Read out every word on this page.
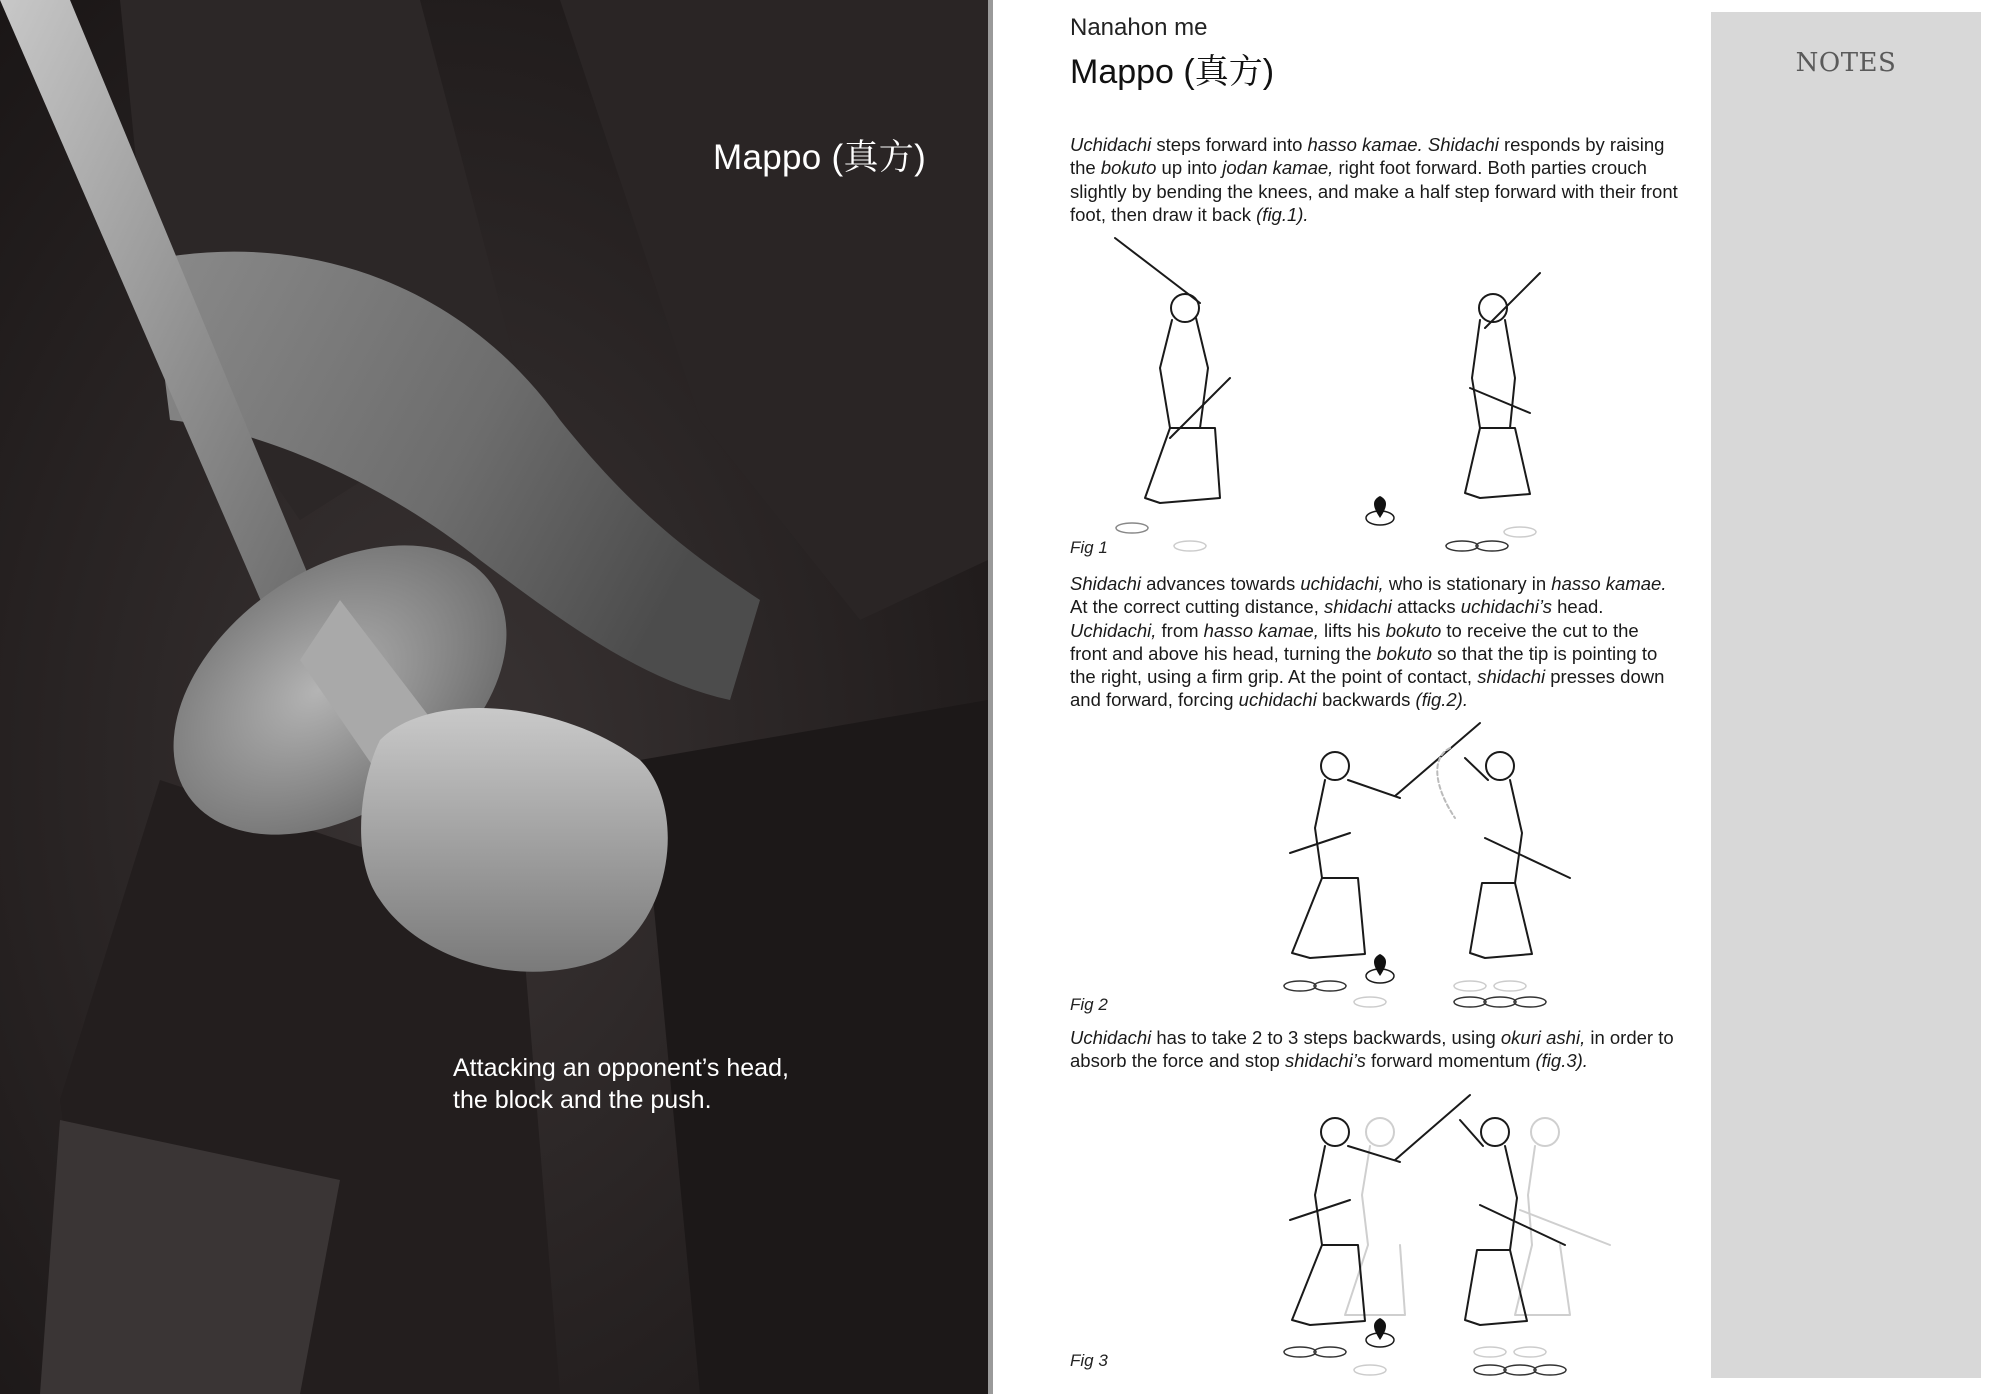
Mappo (真方)
Attacking an opponent’s head,
the block and the push.
NOTES
Nanahon me
Mappo (真方)

Uchidachi steps forward into hasso kamae. Shidachi responds by raising the bokuto up into jodan kamae, right foot forward. Both parties crouch slightly by bending the knees, and make a half step forward with their front foot, then draw it back (fig.1).

Fig 1

Shidachi advances towards uchidachi, who is stationary in hasso kamae. At the correct cutting distance, shidachi attacks uchidachi’s head. Uchidachi, from hasso kamae, lifts his bokuto to receive the cut to the front and above his head, turning the bokuto so that the tip is pointing to the right, using a firm grip. At the point of contact, shidachi presses down and forward, forcing uchidachi backwards (fig.2).

Fig 2

Uchidachi has to take 2 to 3 steps backwards, using okuri ashi, in order to absorb the force and stop shidachi’s forward momentum (fig.3).

Fig 3
